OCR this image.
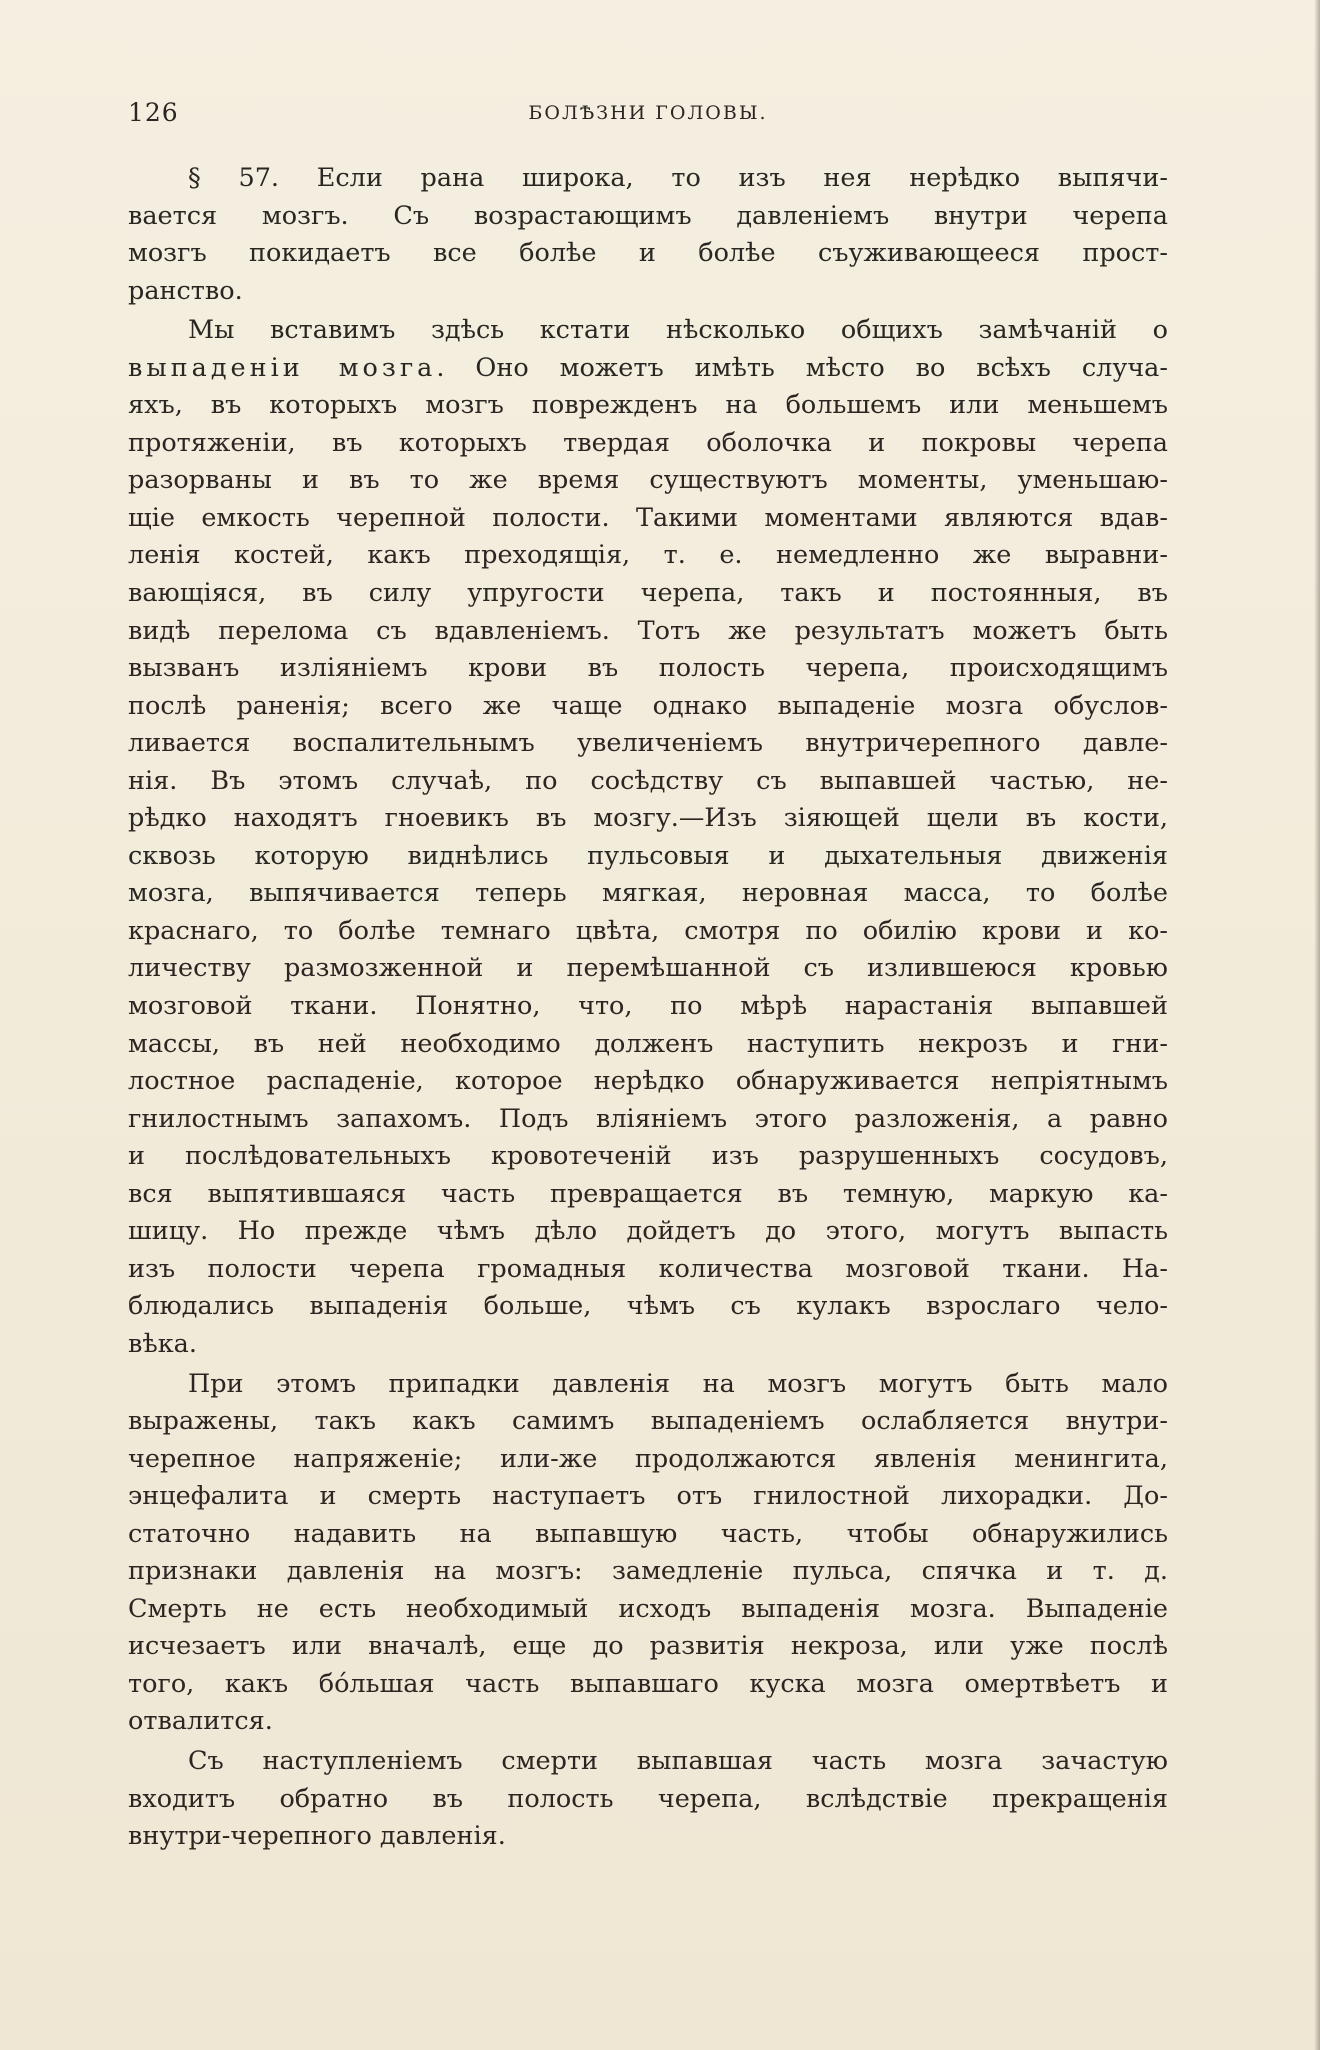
126	БОЛѢЗНИ ГОЛОВЫ.
§ 57. Если рана широка, то изъ нея нерѣдко выпячи-
вается мозгъ. Съ возрастающимъ давленіемъ внутри черепа
мозгъ покидаетъ все болѣе и болѣе съуживающееся прост-
ранство.
Мы вставимъ здѣсь кстати нѣсколько общихъ замѣчаній о
выпаденіи мозга. Оно можетъ имѣть мѣсто во всѣхъ случа-
яхъ, въ которыхъ мозгъ поврежденъ на большемъ или меньшемъ
протяженіи, въ которыхъ твердая оболочка и покровы черепа
разорваны и въ то же время существуютъ моменты, уменьшаю-
щіе емкость черепной полости. Такими моментами являются вдав-
ленія костей, какъ преходящія, т. е. немедленно же выравни-
вающіяся, въ силу упругости черепа, такъ и постоянныя, въ
видѣ перелома съ вдавленіемъ. Тотъ же результатъ можетъ быть
вызванъ изліяніемъ крови въ полость черепа, происходящимъ
послѣ раненія; всего же чаще однако выпаденіе мозга обуслов-
ливается воспалительнымъ увеличеніемъ внутричерепного давле-
нія. Въ этомъ случаѣ, по сосѣдству съ выпавшей частью, не-
рѣдко находятъ гноевикъ въ мозгу.—Изъ зіяющей щели въ кости,
сквозь которую виднѣлись пульсовыя и дыхательныя движенія
мозга, выпячивается теперь мягкая, неровная масса, то болѣе
краснаго, то болѣе темнаго цвѣта, смотря по обилію крови и ко-
личеству размозженной и перемѣшанной съ излившеюся кровью
мозговой ткани. Понятно, что, по мѣрѣ нарастанія выпавшей
массы, въ ней необходимо долженъ наступить некрозъ и гни-
лостное распаденіе, которое нерѣдко обнаруживается непріятнымъ
гнилостнымъ запахомъ. Подъ вліяніемъ этого разложенія, а равно
и послѣдовательныхъ кровотеченій изъ разрушенныхъ сосудовъ,
вся выпятившаяся часть превращается въ темную, маркую ка-
шицу. Но прежде чѣмъ дѣло дойдетъ до этого, могутъ выпасть
изъ полости черепа громадныя количества мозговой ткани. На-
блюдались выпаденія больше, чѣмъ съ кулакъ взрослаго чело-
вѣка.
При этомъ припадки давленія на мозгъ могутъ быть мало
выражены, такъ какъ самимъ выпаденіемъ ослабляется внутри-
черепное напряженіе; или-же продолжаются явленія менингита,
энцефалита и смерть наступаетъ отъ гнилостной лихорадки. До-
статочно надавить на выпавшую часть, чтобы обнаружились
признаки давленія на мозгъ: замедленіе пульса, спячка и т. д.
Смерть не есть необходимый исходъ выпаденія мозга. Выпаденіе
исчезаетъ или вначалѣ, еще до развитія некроза, или уже послѣ
того, какъ бо́льшая часть выпавшаго куска мозга омертвѣетъ и
отвалится.
Съ наступленіемъ смерти выпавшая часть мозга зачастую
входитъ обратно въ полость черепа, вслѣдствіе прекращенія
внутри-черепного давленія.
